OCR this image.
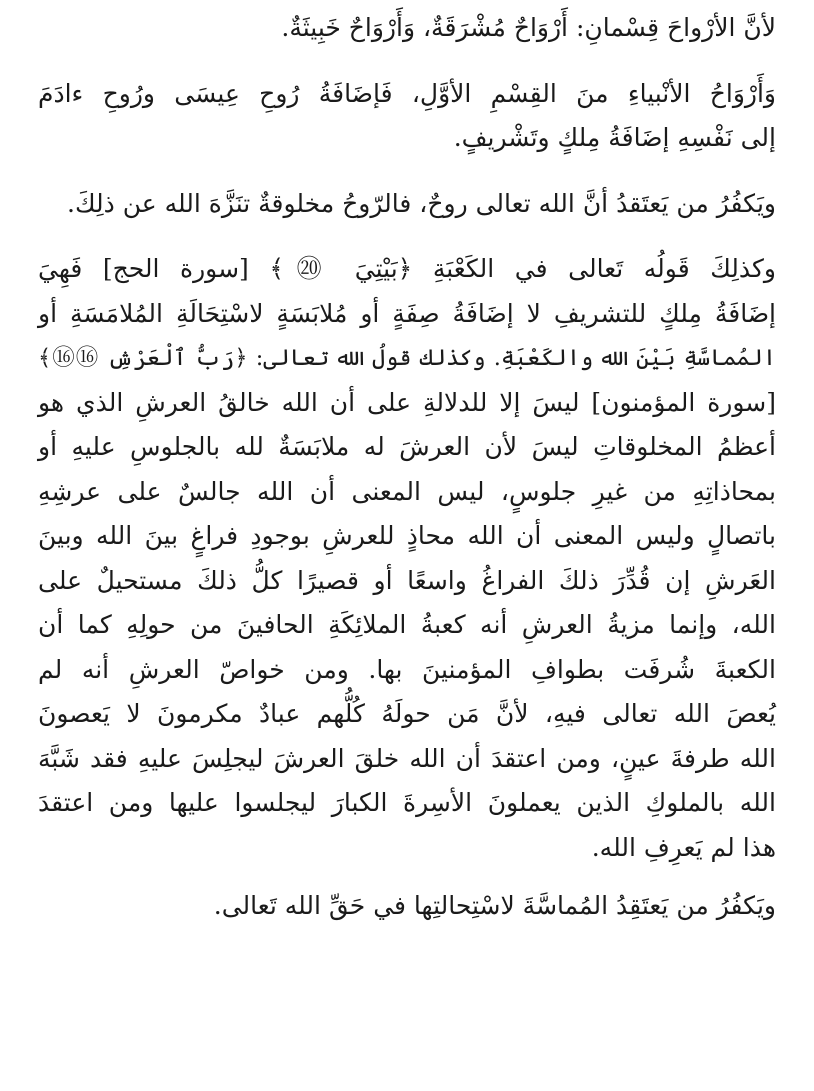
لأنَّ الأرْواحَ قِسْمانِ: أَرْوَاحٌ مُشْرَقَةٌ، وَأَرْوَاحٌ خَبِيثَةٌ.

وَأَرْوَاحُ الأنْبياءِ منَ القِسْمِ الأوَّلِ، فَإضَافَةُ رُوحِ عِيسَى ورُوحِ ءادَمَ
إلى نَفْسِهِ إضَافَةُ مِلكٍ وتَشْريفٍ.

ويَكفُرُ من يَعتَقدُ أنَّ الله تعالى روحٌ، فالرّوحُ مخلوقةٌ تنَزَّهَ الله عن ذلِكَ.

وكذلِكَ قَولُه تَعالى في الكَعْبَةِ ﴿بَيْتِيَ ⑳﴾ [سورة الحج] فَهِيَ
إضَافَةُ مِلكٍ للتشريفِ لا إضَافَةُ صِفَةٍ أو مُلابَسَةٍ لاسْتِحَالَةِ المُلامَسَةِ أو
المُماسَّةِ بَيْنَ الله والكَعْبَةِ. وكذلك قولُ الله تعالى: ﴿رَبُّ ٱلْعَرْشِ ⑯⑯﴾
[سورة المؤمنون] ليسَ إلا للدلالةِ على أن الله خالقُ العرشِ الذي هو
أعظمُ المخلوقاتِ ليسَ لأن العرشَ له ملابَسَةٌ لله بالجلوسِ عليهِ أو
بمحاذاتِهِ من غيرِ جلوسٍ، ليس المعنى أن الله جالسٌ على عرشِهِ
باتصالٍ وليس المعنى أن الله محاذٍ للعرشِ بوجودِ فراغٍ بينَ الله وبينَ
العَرشِ إن قُدِّرَ ذلكَ الفراغُ واسعًا أو قصيرًا كلُّ ذلكَ مستحيلٌ على
الله، وإنما مزيةُ العرشِ أنه كعبةُ الملائِكَةِ الحافينَ من حولِهِ كما أن
الكعبةَ شُرفَت بطوافِ المؤمنينَ بها. ومن خواصّ العرشِ أنه لم
يُعصَ الله تعالى فيهِ، لأنَّ مَن حولَهُ كُلُّهم عبادٌ مكرمونَ لا يَعصونَ
الله طرفةَ عينٍ، ومن اعتقدَ أن الله خلقَ العرشَ ليجلِسَ عليهِ فقد شَبَّهَ
الله بالملوكِ الذين يعملونَ الأسِرةَ الكبارَ ليجلسوا عليها ومن اعتقدَ
هذا لم يَعرِفِ الله.

ويَكفُرُ من يَعتَقِدُ المُماسَّةَ لاسْتِحالتِها في حَقِّ الله تَعالى.
